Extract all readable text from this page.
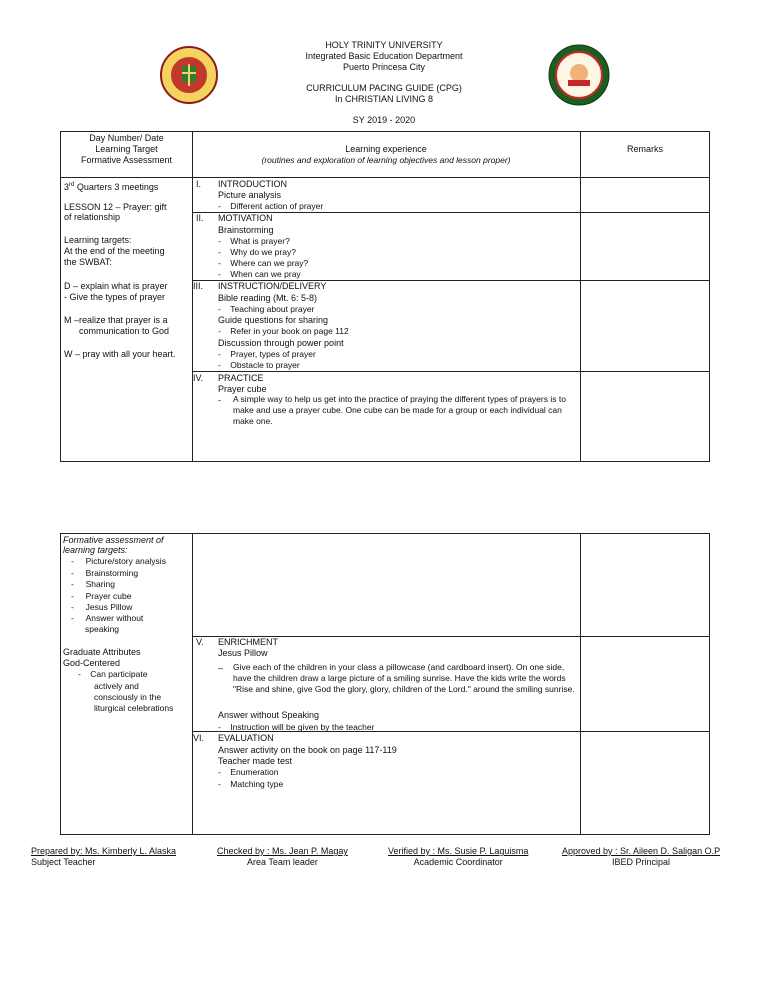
HOLY TRINITY UNIVERSITY
Integrated Basic Education Department
Puerto Princesa City
CURRICULUM PACING GUIDE (CPG)
In CHRISTIAN LIVING 8
SY 2019 - 2020
Day Number/ Date
Learning Target
Formative Assessment
Learning experience
(routines and exploration of learning objectives and lesson proper)
Remarks
3rd Quarters 3 meetings
LESSON 12 – Prayer: gift
of relationship
Learning targets:
At the end of the meeting
the SWBAT:
D – explain what is prayer
- Give the types of prayer
M –realize that prayer is a
communication to God
W – pray with all your heart.
I. INTRODUCTION
Picture analysis
-    Different action of prayer
II. MOTIVATION
Brainstorming
-    What is prayer?
-    Why do we pray?
-    Where can we pray?
-    When can we pray
III. INSTRUCTION/DELIVERY
Bible reading (Mt. 6: 5-8)
-    Teaching about prayer
Guide questions for sharing
-    Refer in your book on page 112
Discussion through power point
-    Prayer, types of prayer
-    Obstacle to prayer
IV. PRACTICE
Prayer cube
- A simple way to help us get into the practice of praying the different types of prayers is to make and use a prayer cube. One cube can be made for a group or each individual can make one.
Formative assessment of
learning targets:
-     Picture/story analysis
-     Brainstorming
-     Sharing
-     Prayer cube
-     Jesus Pillow
-     Answer without
speaking
Graduate Attributes
God-Centered
-    Can participate
actively and
consciously in the
liturgical celebrations
V. ENRICHMENT
Jesus Pillow
– Give each of the children in your class a pillowcase (and cardboard insert). On one side, have the children draw a large picture of a smiling sunrise. Have the kids write the words "Rise and shine, give God the glory, glory, children of the Lord." around the smiling sunrise.
Answer without Speaking
-    Instruction will be given by the teacher
VI. EVALUATION
Answer activity on the book on page 117-119
Teacher made test
-    Enumeration
-    Matching type
Prepared by: Ms. Kimberly L. Alaska
Subject Teacher
Checked by : Ms. Jean P. Magay
Area Team leader
Verified by : Ms. Susie P. Laguisma
Academic Coordinator
Approved by : Sr. Aileen D. Saligan O.P
IBED Principal
